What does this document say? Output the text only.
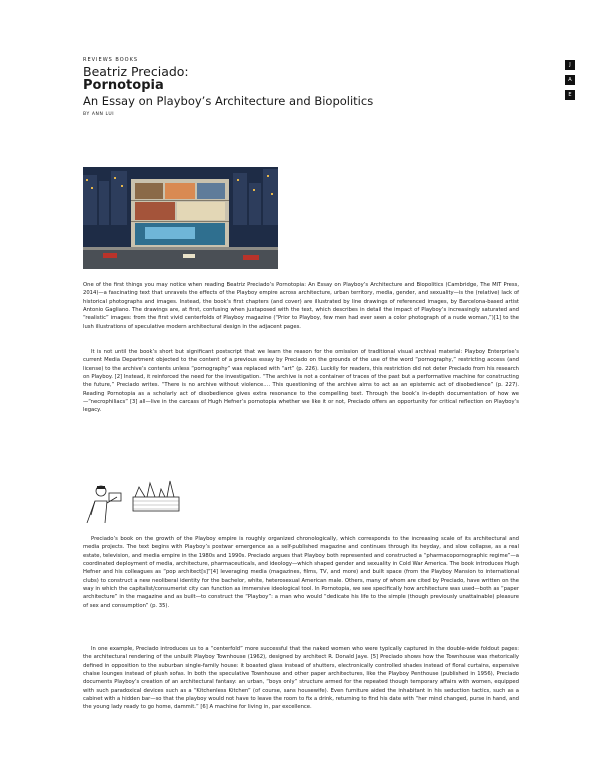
REVIEWS BOOKS
Beatriz Preciado:
Pornotopia
An Essay on Playboy’s Architecture and Biopolitics
BY ANN LUI
J
A
E

One of the first things you may notice when reading Beatriz Preciado’s Pornotopia: An Essay on Playboy’s Architecture and Biopolitics (Cambridge, The MIT Press, 2014)—a fascinating text that unravels the effects of the Playboy empire across architecture, urban territory, media, gender, and sexuality—is the (relative) lack of historical photographs and images. Instead, the book’s first chapters (and cover) are illustrated by line drawings of referenced images, by Barcelona-based artist Antonio Gagliano. The drawings are, at first, confusing when juxtaposed with the text, which describes in detail the impact of Playboy’s increasingly saturated and “realistic” images: from the first vivid centerfolds of Playboy magazine (“Prior to Playboy, few men had ever seen a color photograph of a nude woman,”)[1] to the lush illustrations of speculative modern architectural design in the adjacent pages.

It is not until the book’s short but significant postscript that we learn the reason for the omission of traditional visual archival material: Playboy Enterprise’s current Media Department objected to the content of a previous essay by Preciado on the grounds of the use of the word “pornography,” restricting access (and license) to the archive’s contents unless “pornography” was replaced with “art” (p. 226). Luckily for readers, this restriction did not deter Preciado from his research on Playboy. [2] Instead, it reinforced the need for the investigation. “The archive is not a container of traces of the past but a performative machine for constructing the future,” Preciado writes. “There is no archive without violence.… This questioning of the archive aims to act as an epistemic act of disobedience” (p. 227). Reading Pornotopia as a scholarly act of disobedience gives extra resonance to the compelling text. Through the book’s in-depth documentation of how we—“necrophiliacs” [3] all—live in the carcass of Hugh Hefner’s pornotopia whether we like it or not, Preciado offers an opportunity for critical reflection on Playboy’s legacy.

Preciado’s book on the growth of the Playboy empire is roughly organized chronologically, which corresponds to the increasing scale of its architectural and media projects. The text begins with Playboy’s postwar emergence as a self-published magazine and continues through its heyday, and slow collapse, as a real estate, television, and media empire in the 1980s and 1990s. Preciado argues that Playboy both represented and constructed a “pharmacopornographic regime”—a coordinated deployment of media, architecture, pharmaceuticals, and ideology—which shaped gender and sexuality in Cold War America. The book introduces Hugh Hefner and his colleagues as “pop architect[s]”[4] leveraging media (magazines, films, TV, and more) and built space (from the Playboy Mansion to international clubs) to construct a new neoliberal identity for the bachelor, white, heterosexual American male. Others, many of whom are cited by Preciado, have written on the way in which the capitalist/consumerist city can function as immersive ideological tool. In Pornotopia, we see specifically how architecture was used—both as “paper architecture” in the magazine and as built—to construct the “Playboy”: a man who would “dedicate his life to the simple (though previously unattainable) pleasure of sex and consumption” (p. 35).

In one example, Preciado introduces us to a “centerfold” more successful that the naked women who were typically captured in the double-wide foldout pages: the architectural rendering of the unbuilt Playboy Townhouse (1962), designed by architect R. Donald Jaye. [5] Preciado shows how the Townhouse was rhetorically defined in opposition to the suburban single-family house: it boasted glass instead of shutters, electronically controlled shades instead of floral curtains, expensive chaise lounges instead of plush sofas. In both the speculative Townhouse and other paper architectures, like the Playboy Penthouse (published in 1956), Preciado documents Playboy’s creation of an architectural fantasy: an urban, “boys only” structure armed for the repeated though temporary affairs with women, equipped with such paradoxical devices such as a “Kitchenless Kitchen” (of course, sans housewife). Even furniture aided the inhabitant in his seduction tactics, such as a cabinet with a hidden bar—so that the playboy would not have to leave the room to fix a drink, returning to find his date with “her mind changed, purse in hand, and the young lady ready to go home, dammit.” [6] A machine for living in, par excellence.
